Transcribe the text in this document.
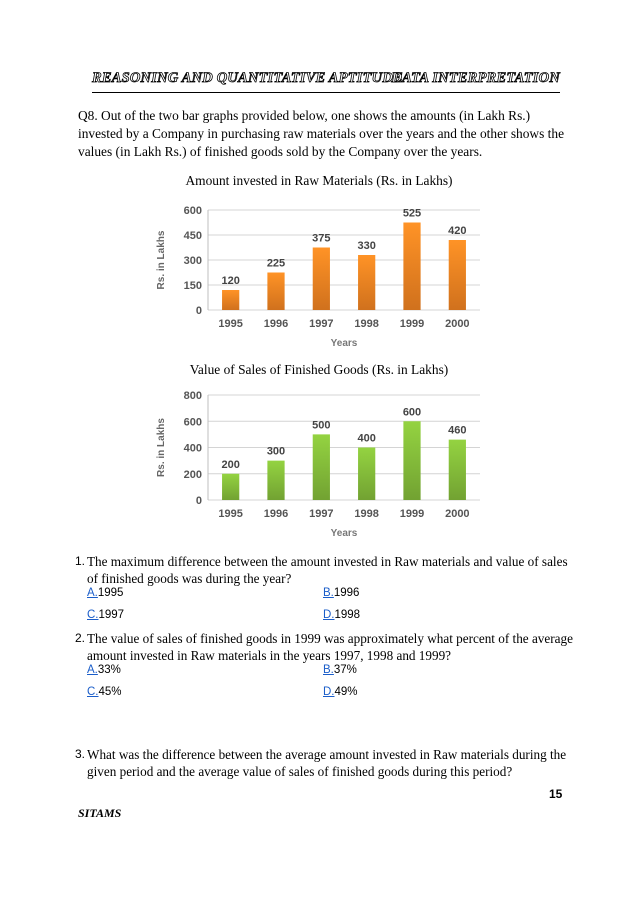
REASONING AND QUANTITATIVE APTITUDE
DATA INTERPRETATION
Q8. Out of the two bar graphs provided below, one shows the amounts (in Lakh Rs.) invested by a Company in purchasing raw materials over the years and the other shows the values (in Lakh Rs.) of finished goods sold by the Company over the years.
Amount invested in Raw Materials (Rs. in Lakhs)
0
150
300
450
600
Rs. in Lakhs	120
1995
225
1996
375
1997
330
1998
525
1999
420
2000
Years
Value of Sales of Finished Goods (Rs. in Lakhs)
0
200
400
600
800
Rs. in Lakhs	200
1995
300
1996
500
1997
400
1998
600
1999
460
2000
Years
1. The maximum difference between the amount invested in Raw materials and value of sales of finished goods was during the year?
A.1995	B.1996
C.1997	D.1998
2. The value of sales of finished goods in 1999 was approximately what percent of the average amount invested in Raw materials in the years 1997, 1998 and 1999?
A.33%	B.37%
C.45%	D.49%
3. What was the difference between the average amount invested in Raw materials during the given period and the average value of sales of finished goods during this period?
15
SITAMS
